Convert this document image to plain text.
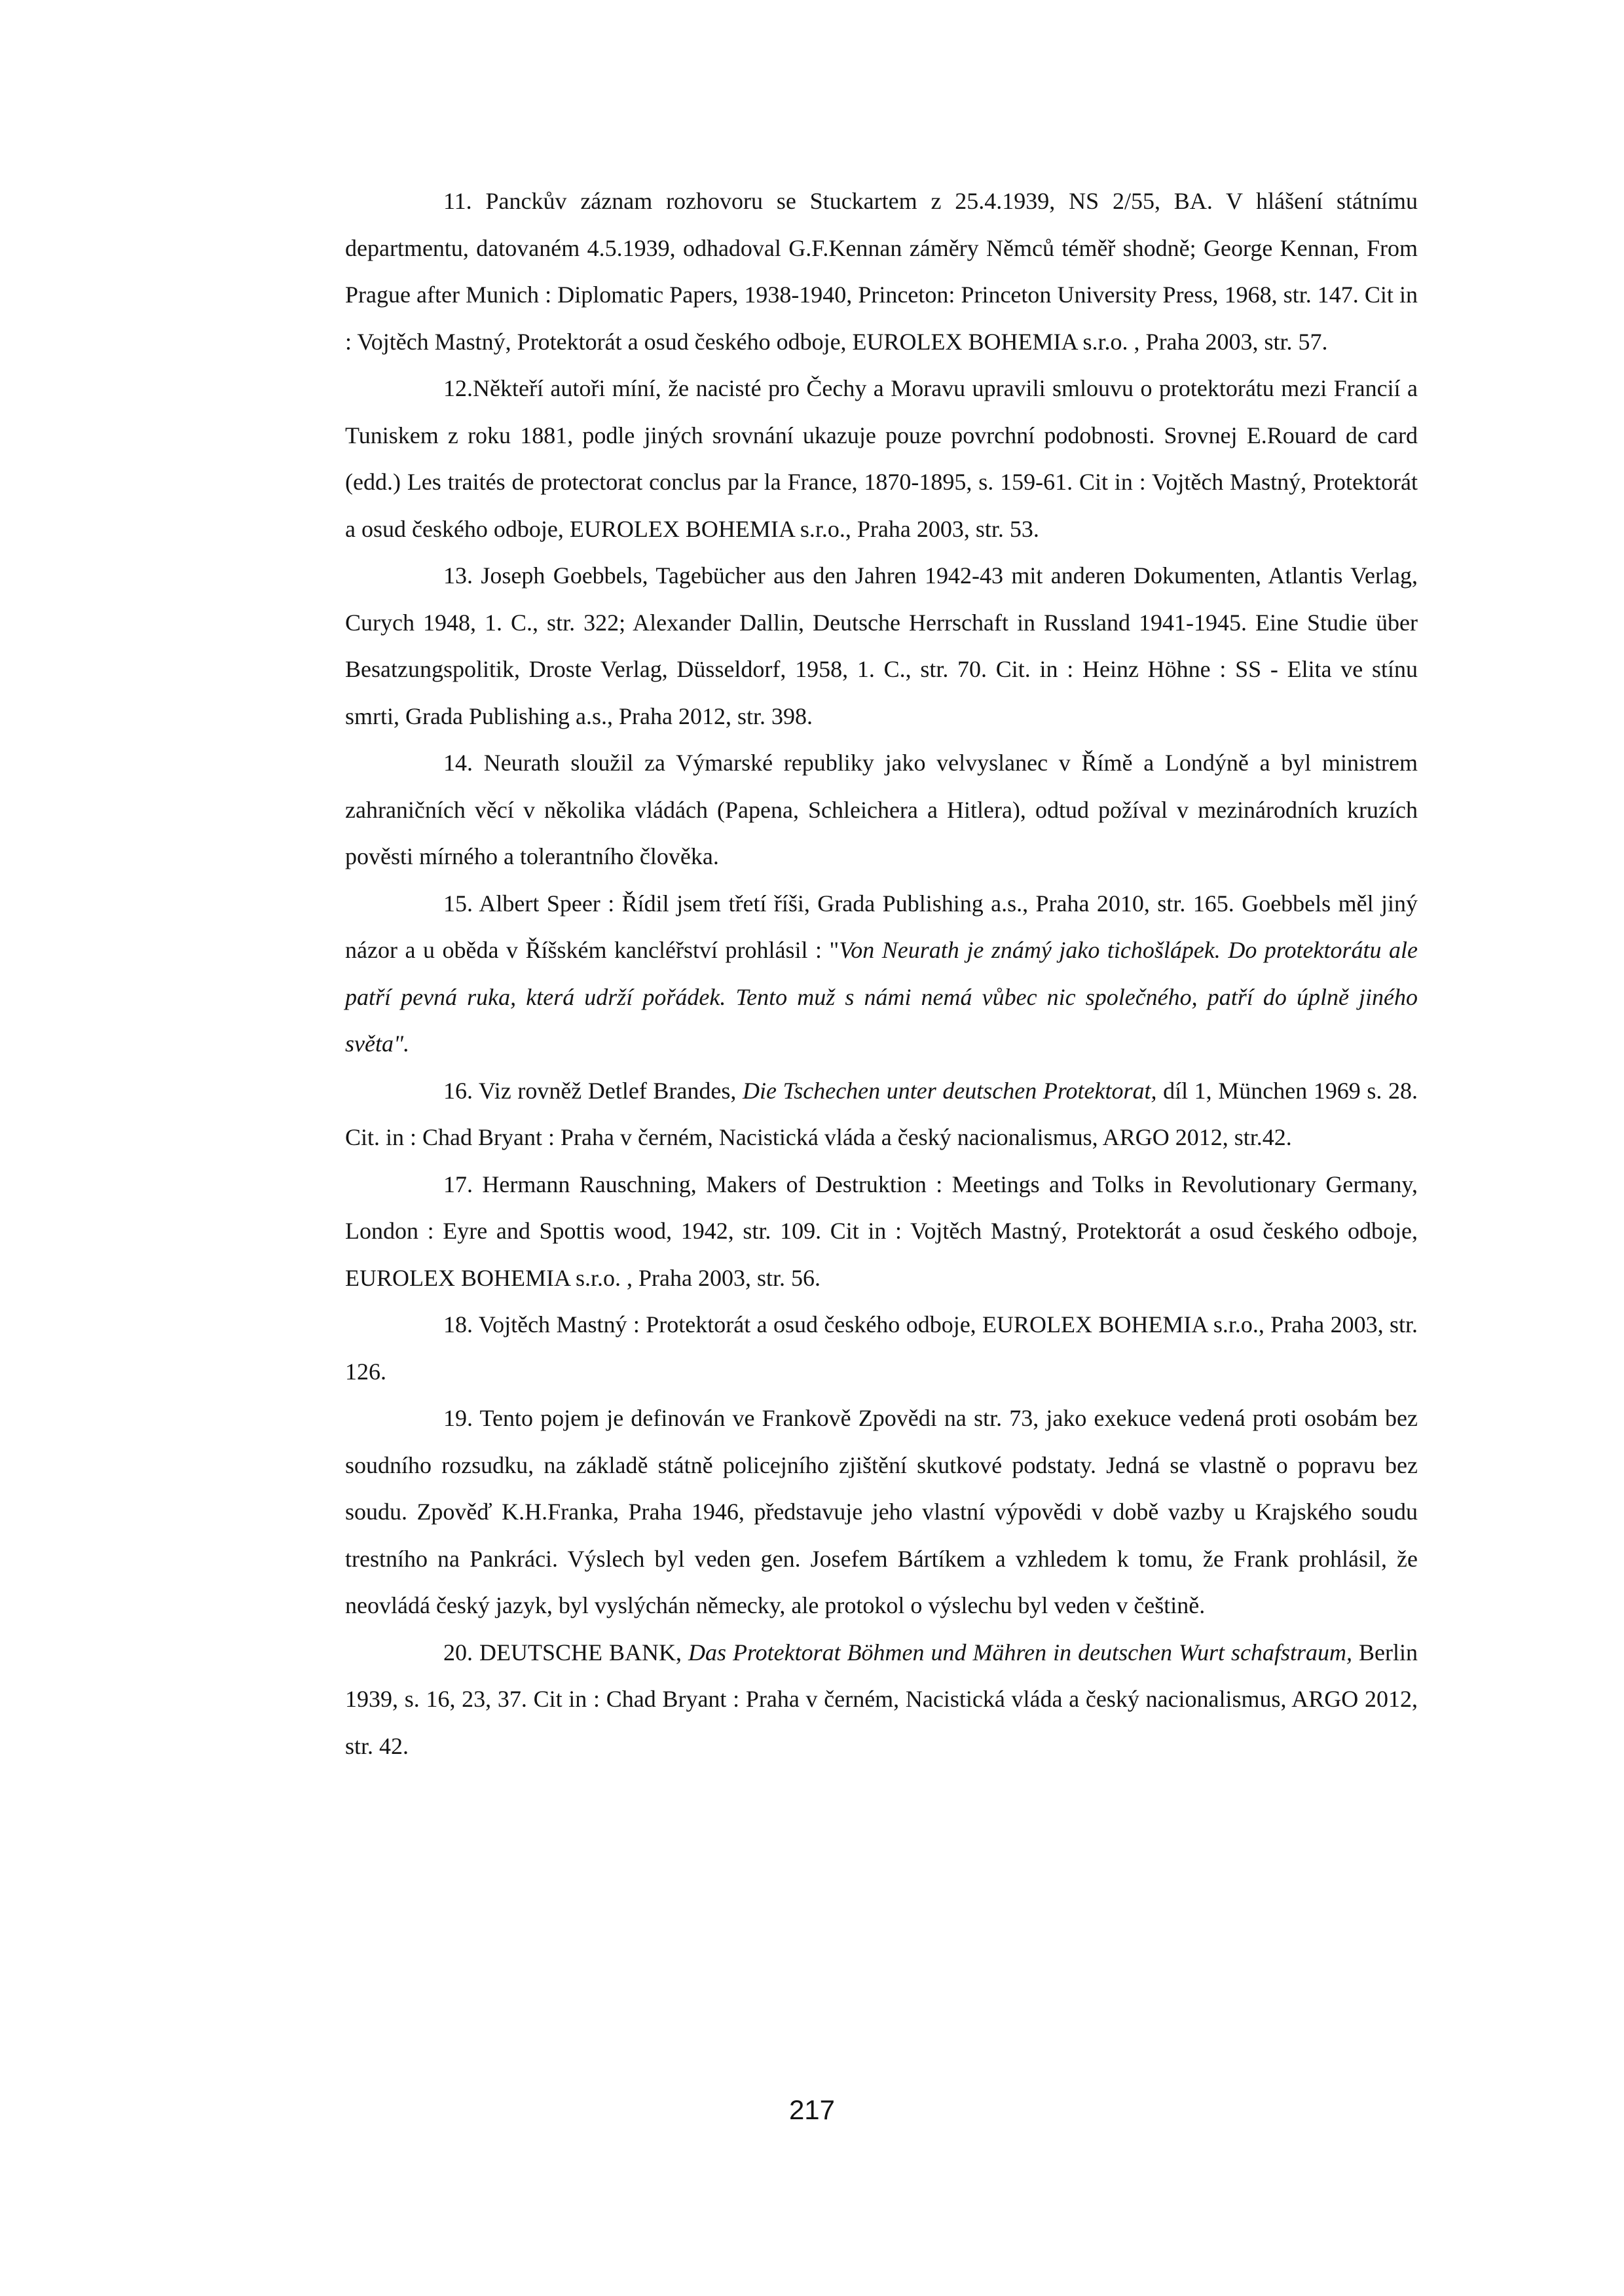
11. Panckův záznam rozhovoru se Stuckartem z 25.4.1939, NS 2/55, BA. V hlášení státnímu departmentu, datovaném 4.5.1939, odhadoval G.F.Kennan záměry Němců téměř shodně; George Kennan, From Prague after Munich : Diplomatic Papers, 1938-1940, Princeton: Princeton University Press, 1968, str. 147. Cit in : Vojtěch Mastný, Protektorát a osud českého odboje, EUROLEX BOHEMIA s.r.o. , Praha 2003, str. 57.

12.Někteří autoři míní, že nacisté pro Čechy a Moravu upravili smlouvu o protektorátu mezi Francií a Tuniskem z roku 1881, podle jiných srovnání ukazuje pouze povrchní podobnosti. Srovnej E.Rouard de card (edd.) Les traités de protectorat conclus par la France, 1870-1895, s. 159-61. Cit in : Vojtěch Mastný, Protektorát a osud českého odboje, EUROLEX BOHEMIA s.r.o., Praha 2003, str. 53.

13. Joseph Goebbels, Tagebücher aus den Jahren 1942-43 mit anderen Dokumenten, Atlantis Verlag, Curych 1948, 1. C., str. 322; Alexander Dallin, Deutsche Herrschaft in Russland 1941-1945. Eine Studie über Besatzungspolitik, Droste Verlag, Düsseldorf, 1958, 1. C., str. 70. Cit. in : Heinz Höhne : SS - Elita ve stínu smrti, Grada Publishing a.s., Praha 2012, str. 398.

14. Neurath sloužil za Výmarské republiky jako velvyslanec v Římě a Londýně a byl ministrem zahraničních věcí v několika vládách (Papena, Schleichera a Hitlera), odtud požíval v mezinárodních kruzích pověsti mírného a tolerantního člověka.

15. Albert Speer : Řídil jsem třetí říši, Grada Publishing a.s., Praha 2010, str. 165. Goebbels měl jiný názor a u oběda v Říšském kancléřství prohlásil : "Von Neurath je známý jako tichošlápek. Do protektorátu ale patří pevná ruka, která udrží pořádek. Tento muž s námi nemá vůbec nic společného, patří do úplně jiného světa".

16. Viz rovněž Detlef Brandes, Die Tschechen unter deutschen Protektorat, díl 1, München 1969 s. 28. Cit. in : Chad Bryant : Praha v černém, Nacistická vláda a český nacionalismus, ARGO 2012, str.42.

17. Hermann Rauschning, Makers of Destruktion : Meetings and Tolks in Revolutionary Germany, London : Eyre and Spottis wood, 1942, str. 109. Cit in : Vojtěch Mastný, Protektorát a osud českého odboje, EUROLEX BOHEMIA s.r.o. , Praha 2003, str. 56.

18. Vojtěch Mastný : Protektorát a osud českého odboje, EUROLEX BOHEMIA s.r.o., Praha 2003, str. 126.

19. Tento pojem je definován ve Frankově Zpovědi na str. 73, jako exekuce vedená proti osobám bez soudního rozsudku, na základě státně policejního zjištění skutkové podstaty. Jedná se vlastně o popravu bez soudu. Zpověď K.H.Franka, Praha 1946, představuje jeho vlastní výpovědi v době vazby u Krajského soudu trestního na Pankráci. Výslech byl veden gen. Josefem Bártíkem a vzhledem k tomu, že Frank prohlásil, že neovládá český jazyk, byl vyslýchán německy, ale protokol o výslechu byl veden v češtině.

20. DEUTSCHE BANK, Das Protektorat Böhmen und Mähren in deutschen Wurt schafstraum, Berlin 1939, s. 16, 23, 37. Cit in : Chad Bryant : Praha v černém, Nacistická vláda a český nacionalismus, ARGO 2012, str. 42.

217
